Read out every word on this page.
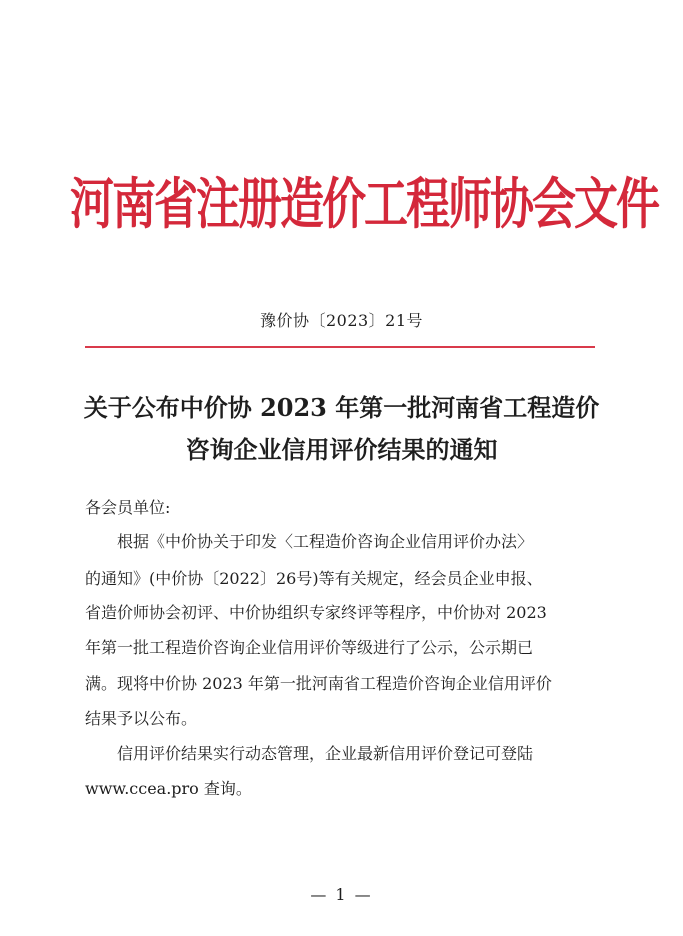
河南省注册造价工程师协会文件
豫价协〔2023〕21号
关于公布中价协 2023 年第一批河南省工程造价
咨询企业信用评价结果的通知
各会员单位:
根据《中价协关于印发〈工程造价咨询企业信用评价办法〉
的通知》(中价协〔2022〕26号)等有关规定，经会员企业申报、
省造价师协会初评、中价协组织专家终评等程序，中价协对 2023
年第一批工程造价咨询企业信用评价等级进行了公示，公示期已
满。现将中价协 2023 年第一批河南省工程造价咨询企业信用评价
结果予以公布。
信用评价结果实行动态管理，企业最新信用评价登记可登陆
www.ccea.pro 查询。
— 1 —
